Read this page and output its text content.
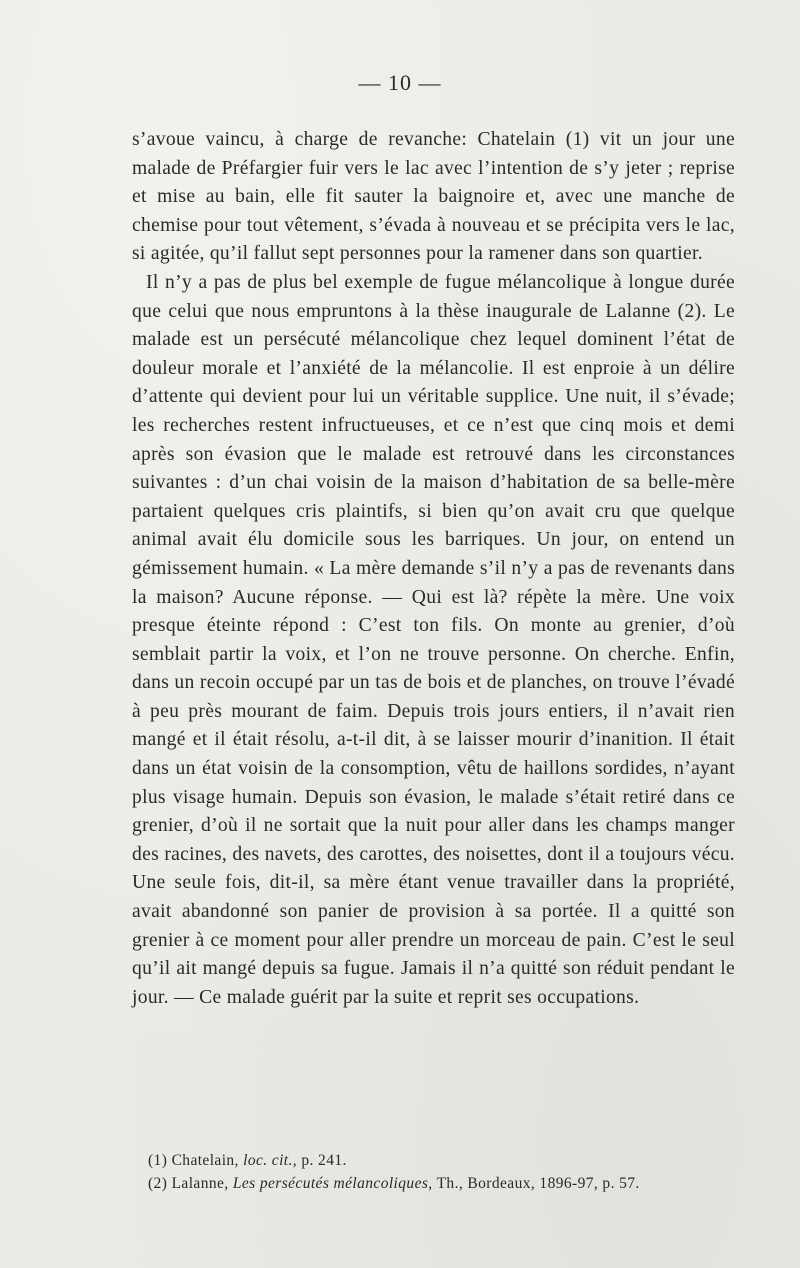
— 10 —

s’avoue vaincu, à charge de revanche: Chatelain (1) vit un jour une malade de Préfargier fuir vers le lac avec l’intention de s’y jeter ; reprise et mise au bain, elle fit sauter la baignoire et, avec une manche de chemise pour tout vêtement, s’évada à nouveau et se précipita vers le lac, si agitée, qu’il fallut sept personnes pour la ramener dans son quartier.

Il n’y a pas de plus bel exemple de fugue mélancolique à longue durée que celui que nous empruntons à la thèse inaugurale de Lalanne (2). Le malade est un persécuté mélancolique chez lequel dominent l’état de douleur morale et l’anxiété de la mélancolie. Il est enproie à un délire d’attente qui devient pour lui un véritable supplice. Une nuit, il s’évade; les recherches restent infructueuses, et ce n’est que cinq mois et demi après son évasion que le malade est retrouvé dans les circonstances suivantes : d’un chai voisin de la maison d’habitation de sa belle-mère partaient quelques cris plaintifs, si bien qu’on avait cru que quelque animal avait élu domicile sous les barriques. Un jour, on entend un gémissement humain. « La mère demande s’il n’y a pas de revenants dans la maison? Aucune réponse. — Qui est là? répète la mère. Une voix presque éteinte répond : C’est ton fils. On monte au grenier, d’où semblait partir la voix, et l’on ne trouve personne. On cherche. Enfin, dans un recoin occupé par un tas de bois et de planches, on trouve l’évadé à peu près mourant de faim. Depuis trois jours entiers, il n’avait rien mangé et il était résolu, a-t-il dit, à se laisser mourir d’inanition. Il était dans un état voisin de la consomption, vêtu de haillons sordides, n’ayant plus visage humain. Depuis son évasion, le malade s’était retiré dans ce grenier, d’où il ne sortait que la nuit pour aller dans les champs manger des racines, des navets, des carottes, des noisettes, dont il a toujours vécu. Une seule fois, dit-il, sa mère étant venue travailler dans la propriété, avait abandonné son panier de provision à sa portée. Il a quitté son grenier à ce moment pour aller prendre un morceau de pain. C’est le seul qu’il ait mangé depuis sa fugue. Jamais il n’a quitté son réduit pendant le jour. — Ce malade guérit par la suite et reprit ses occupations.

(1) Chatelain, loc. cit., p. 241.

(2) Lalanne, Les persécutés mélancoliques, Th., Bordeaux, 1896-97, p. 57.
